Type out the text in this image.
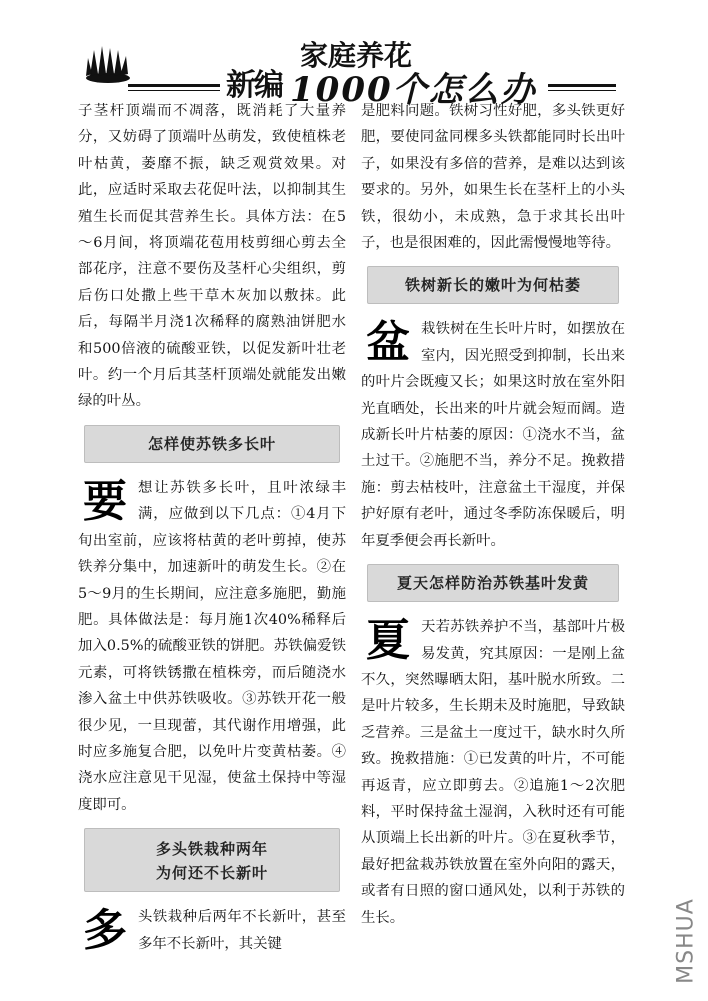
新编
家庭养花
1000个怎么办

子茎杆顶端而不凋落，既消耗了大量养分，又妨碍了顶端叶丛萌发，致使植株老叶枯黄，萎靡不振，缺乏观赏效果。对此，应适时采取去花促叶法，以抑制其生殖生长而促其营养生长。具体方法：在5～6月间，将顶端花苞用枝剪细心剪去全部花序，注意不要伤及茎杆心尖组织，剪后伤口处撒上些干草木灰加以敷抹。此后，每隔半月浇1次稀释的腐熟油饼肥水和500倍液的硫酸亚铁，以促发新叶壮老叶。约一个月后其茎杆顶端处就能发出嫩绿的叶丛。

怎样使苏铁多长叶

要想让苏铁多长叶，且叶浓绿丰满，应做到以下几点：①4月下旬出室前，应该将枯黄的老叶剪掉，使苏铁养分集中，加速新叶的萌发生长。②在5～9月的生长期间，应注意多施肥，勤施肥。具体做法是：每月施1次40%稀释后加入0.5%的硫酸亚铁的饼肥。苏铁偏爱铁元素，可将铁锈撒在植株旁，而后随浇水渗入盆土中供苏铁吸收。③苏铁开花一般很少见，一旦现蕾，其代谢作用增强，此时应多施复合肥，以免叶片变黄枯萎。④浇水应注意见干见湿，使盆土保持中等湿度即可。

多头铁栽种两年
为何还不长新叶

多头铁栽种后两年不长新叶，甚至多年不长新叶，其关键

是肥料问题。铁树习性好肥，多头铁更好肥，要使同盆同棵多头铁都能同时长出叶子，如果没有多倍的营养，是难以达到该要求的。另外，如果生长在茎杆上的小头铁，很幼小，未成熟，急于求其长出叶子，也是很困难的，因此需慢慢地等待。

铁树新长的嫩叶为何枯萎

盆栽铁树在生长叶片时，如摆放在室内，因光照受到抑制，长出来的叶片会既瘦又长；如果这时放在室外阳光直晒处，长出来的叶片就会短而阔。造成新长叶片枯萎的原因：①浇水不当，盆土过干。②施肥不当，养分不足。挽救措施：剪去枯枝叶，注意盆土干湿度，并保护好原有老叶，通过冬季防冻保暖后，明年夏季便会再长新叶。

夏天怎样防治苏铁基叶发黄

夏天若苏铁养护不当，基部叶片极易发黄，究其原因：一是刚上盆不久，突然曝晒太阳，基叶脱水所致。二是叶片较多，生长期未及时施肥，导致缺乏营养。三是盆土一度过干，缺水时久所致。挽救措施：①已发黄的叶片，不可能再返青，应立即剪去。②追施1～2次肥料，平时保持盆土湿润，入秋时还有可能从顶端上长出新的叶片。③在夏秋季节，最好把盆栽苏铁放置在室外向阳的露天，或者有日照的窗口通风处，以利于苏铁的生长。	MSHUA
